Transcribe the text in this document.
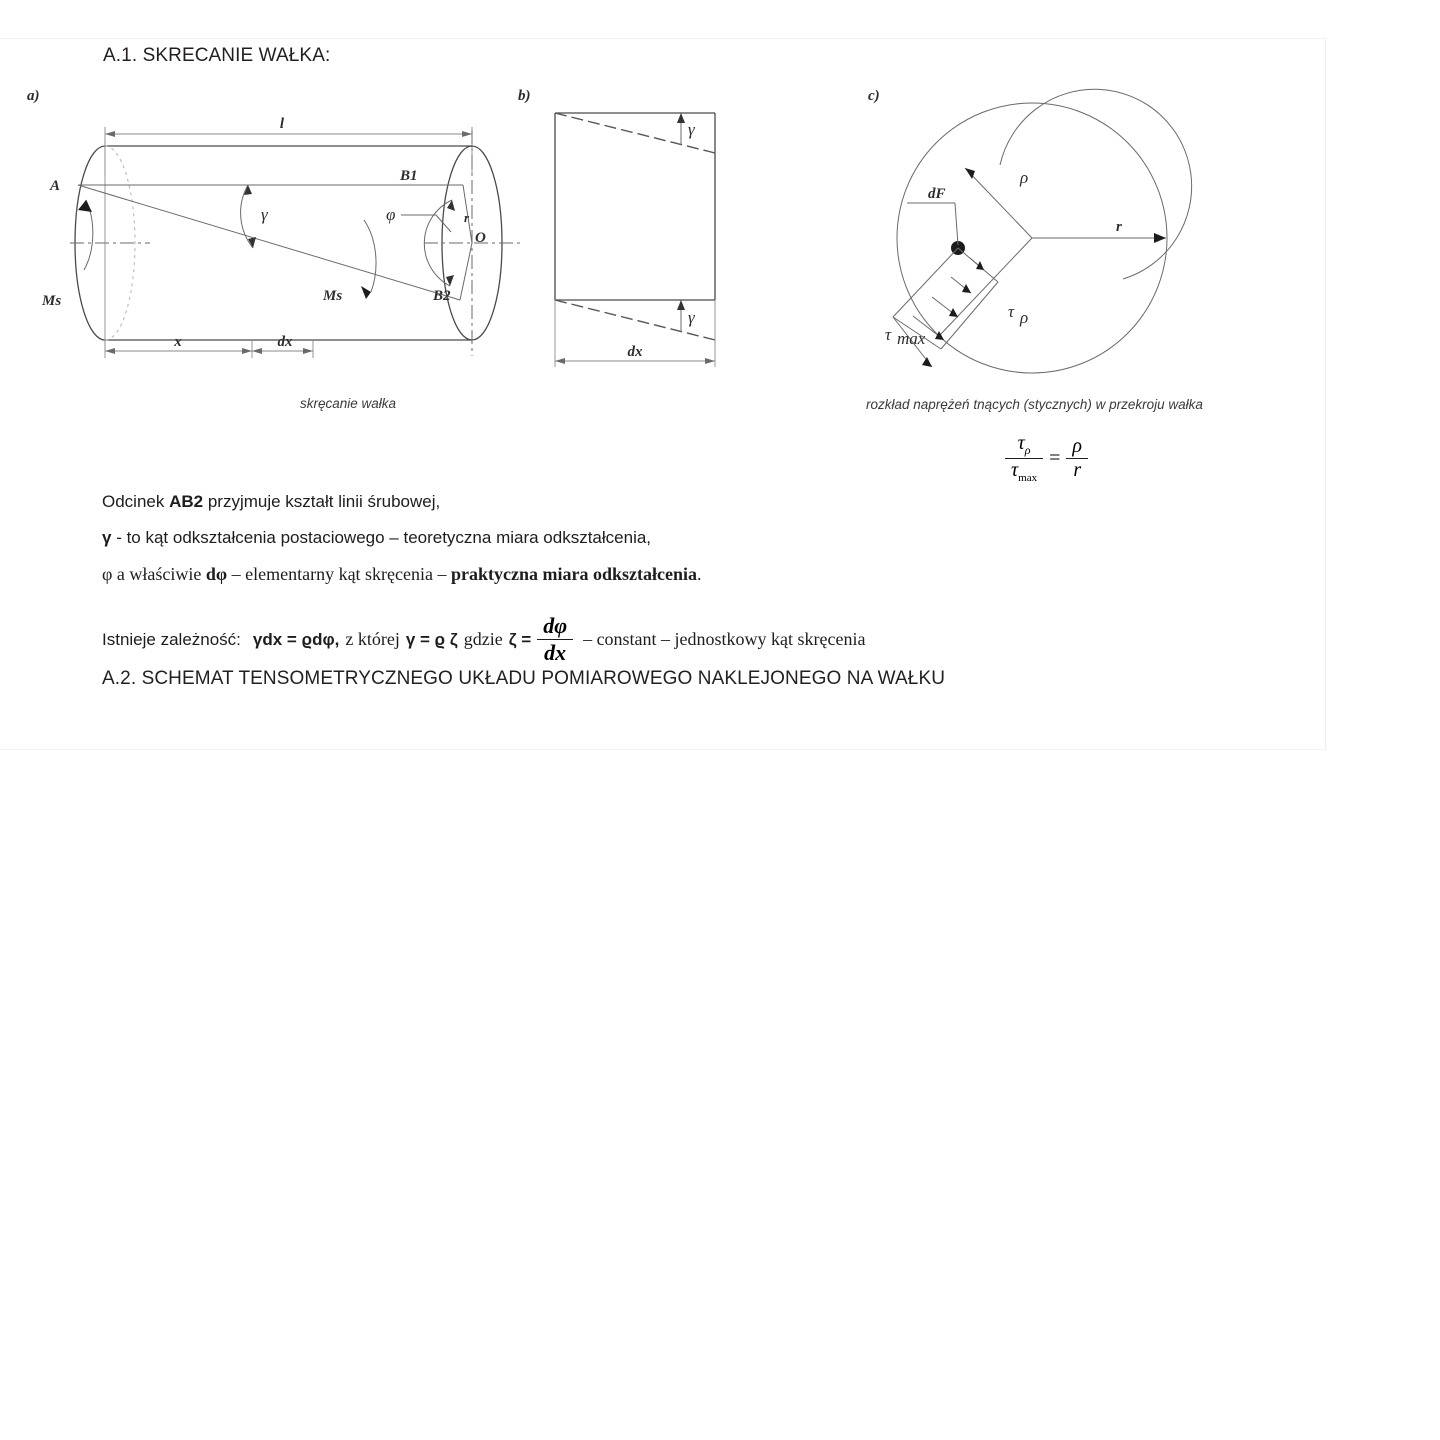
A.1. SKRECANIE WAŁKA:
a)
l
γ	r
φ
A
B1
B2
O
Ms	Ms
x	dx
skręcanie wałka
b)
γ
γ
dx
c)
r
ρ
dF
τ max
τ ρ
rozkład naprężeń tnących (stycznych) w przekroju wałka
$\frac{\tau_\rho}{\tau_{max}} = \frac{\rho}{r}$
Odcinek AB2 przyjmuje kształt linii śrubowej,
γ - to kąt odkształcenia postaciowego – teoretyczna miara odkształcenia,
φ a właściwie dφ – elementarny kąt skręcenia – praktyczna miara odkształcenia.
Istnieje zależność: γdx = ϱdφ, z której γ = ϱ ζ gdzie $\zeta = \frac{d\varphi}{dx}$ – constant – jednostkowy kąt skręcenia
A.2. SCHEMAT TENSOMETRYCZNEGO UKŁADU POMIAROWEGO NAKLEJONEGO NA WAŁKU
